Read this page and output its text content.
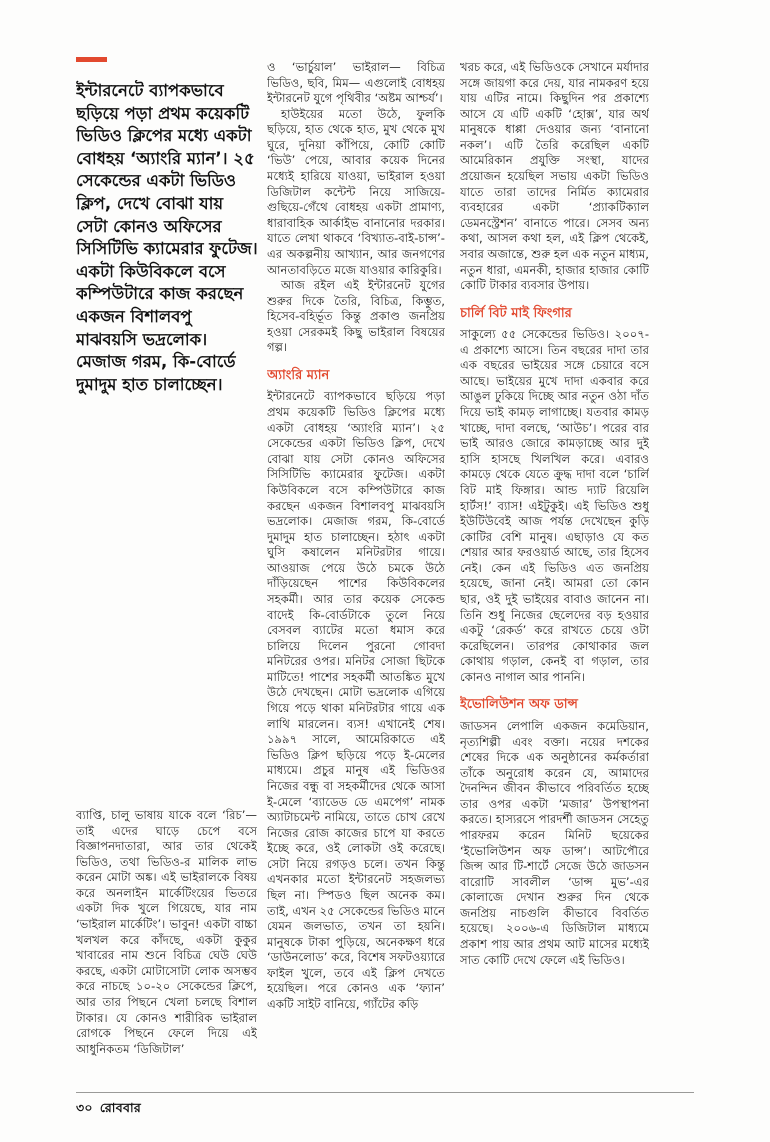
ইন্টারনেটে ব্যাপকভাবে ছড়িয়ে পড়া প্রথম কয়েকটি ভিডিও ক্লিপের মধ্যে একটা বোধহয় ‘অ্যাংরি ম্যান’। ২৫ সেকেন্ডের একটা ভিডিও ক্লিপ, দেখে বোঝা যায় সেটা কোনও অফিসের সিসিটিভি ক্যামেরার ফুটেজ। একটা কিউবিকলে বসে কম্পিউটারে কাজ করছেন একজন বিশালবপু মাঝবয়সি ভদ্রলোক। মেজাজ গরম, কি-বোর্ডে দুমাদুম হাত চালাচ্ছেন।

ব্যাপ্তি, চালু ভাষায় যাকে বলে ‘রিচ’— তাই এদের ঘাড়ে চেপে বসে বিজ্ঞাপনদাতারা, আর তার থেকেই ভিডিও, তথা ভিডিও-র মালিক লাভ করেন মোটা অঙ্ক। এই ভাইরালকে বিষয় করে অনলাইন মার্কেটিংয়ের ভিতরে একটা দিক খুলে গিয়েছে, যার নাম ‘ভাইরাল মার্কেটিং’। ভাবুন! একটা বাচ্চা খলখল করে কাঁদছে, একটা কুকুর খাবারের নাম শুনে বিচিত্র ঘেউ ঘেউ করছে, একটা মোটাসোটা লোক অসম্ভব করে নাচছে ১০-২০ সেকেন্ডের ক্লিপে, আর তার পিছনে খেলা চলছে বিশাল টাকার। যে কোনও শারীরিক ভাইরাল রোগকে পিছনে ফেলে দিয়ে এই আধুনিকতম ‘ডিজিটাল’

ও ‘ভার্চুয়াল’ ভাইরাল— বিচিত্র ভিডিও, ছবি, মিম— এগুলোই বোধহয় ইন্টারনেট যুগে পৃথিবীর ‘অষ্টম আশ্চর্য’।

হাউইয়ের মতো উঠে, ফুলকি ছড়িয়ে, হাত থেকে হাত, মুখ থেকে মুখ ঘুরে, দুনিয়া কাঁপিয়ে, কোটি কোটি ‘ভিউ’ পেয়ে, আবার কয়েক দিনের মধ্যেই হারিয়ে যাওয়া, ভাইরাল হওয়া ডিজিটাল কন্টেন্ট নিয়ে সাজিয়ে-গুছিয়ে-গেঁথে বোধহয় একটা প্রামাণ্য, ধারাবাহিক আর্কাইভ বানানোর দরকার। যাতে লেখা থাকবে ‘বিখ্যাত-বাই-চান্স’-এর অকল্পনীয় আখ্যান, আর জনগণের আনতাবড়িতে মজে যাওয়ার কারিকুরি।

আজ রইল এই ইন্টারনেট যুগের শুরুর দিকে তৈরি, বিচিত্র, কিম্ভুত, হিসেব-বহির্ভূত কিন্তু প্রকাণ্ড জনপ্রিয় হওয়া সেরকমই কিছু ভাইরাল বিষয়ের গল্প।

অ্যাংরি ম্যান

ইন্টারনেটে ব্যাপকভাবে ছড়িয়ে পড়া প্রথম কয়েকটি ভিডিও ক্লিপের মধ্যে একটা বোধহয় ‘অ্যাংরি ম্যান’। ২৫ সেকেন্ডের একটা ভিডিও ক্লিপ, দেখে বোঝা যায় সেটা কোনও অফিসের সিসিটিভি ক্যামেরার ফুটেজ। একটা কিউবিকলে বসে কম্পিউটারে কাজ করছেন একজন বিশালবপু মাঝবয়সি ভদ্রলোক। মেজাজ গরম, কি-বোর্ডে দুমাদুম হাত চালাচ্ছেন। হঠাৎ একটা ঘুসি কষালেন মনিটরটার গায়ে। আওয়াজ পেয়ে উঠে চমকে উঠে দাঁড়িয়েছেন পাশের কিউবিকলের সহকর্মী। আর তার কয়েক সেকেন্ড বাদেই কি-বোর্ডটাকে তুলে নিয়ে বেসবল ব্যাটের মতো ধমাস করে চালিয়ে দিলেন পুরনো গোবদা মনিটরের ওপর। মনিটর সোজা ছিটকে মাটিতে! পাশের সহকর্মী আতঙ্কিত মুখে উঠে দেখছেন। মোটা ভদ্রলোক এগিয়ে গিয়ে পড়ে থাকা মনিটরটার গায়ে এক লাথি মারলেন। ব্যস! এখানেই শেষ। ১৯৯৭ সালে, আমেরিকাতে এই ভিডিও ক্লিপ ছড়িয়ে পড়ে ই-মেলের মাধ্যমে। প্রচুর মানুষ এই ভিডিওর নিজের বন্ধু বা সহকর্মীদের থেকে আসা ই-মেলে ‘ব্যাডেড ডে এমপেগ’ নামক অ্যাটাচমেন্ট নামিয়ে, তাতে চোখ রেখে নিজের রোজ কাজের চাপে যা করতে ইচ্ছে করে, ওই লোকটা ওই করেছে। সেটা নিয়ে রগড়ও চলে। তখন কিন্তু এখনকার মতো ইন্টারনেট সহজলভ্য ছিল না। স্পিডও ছিল অনেক কম। তাই, এখন ২৫ সেকেন্ডের ভিডিও মানে যেমন জলভাত, তখন তা হয়নি। মানুষকে টাকা পুড়িয়ে, অনেকক্ষণ ধরে ‘ডাউনলোড’ করে, বিশেষ সফটওয়্যারে ফাইল খুলে, তবে এই ক্লিপ দেখতে হয়েছিল। পরে কোনও এক ‘ফ্যান’ একটি সাইট বানিয়ে, গ্যাঁটের কড়ি

খরচ করে, এই ভিডিওকে সেখানে মর্যাদার সঙ্গে জায়গা করে দেয়, যার নামকরণ হয়ে যায় এটির নামে। কিছুদিন পর প্রকাশ্যে আসে যে এটি একটি ‘হোক্স’, যার অর্থ মানুষকে ধাপ্পা দেওয়ার জন্য ‘বানানো নকল’। এটি তৈরি করেছিল একটি আমেরিকান প্রযুক্তি সংস্থা, যাদের প্রয়োজন হয়েছিল সভায় একটা ভিডিও যাতে তারা তাদের নির্মিত ক্যামেরার ব্যবহারের একটা ‘প্র্যাকটিক্যাল ডেমনস্ট্রেশন’ বানাতে পারে। সেসব অন্য কথা, আসল কথা হল, এই ক্লিপ থেকেই, সবার অজান্তে, শুরু হল এক নতুন মাধ্যম, নতুন ধারা, এমনকী, হাজার হাজার কোটি কোটি টাকার ব্যবসার উপায়।

চার্লি বিট মাই ফিংগার

সাকুল্যে ৫৫ সেকেন্ডের ভিডিও। ২০০৭-এ প্রকাশ্যে আসে। তিন বছরের দাদা তার এক বছরের ভাইয়ের সঙ্গে চেয়ারে বসে আছে। ভাইয়ের মুখে দাদা একবার করে আঙুল ঢুকিয়ে দিচ্ছে আর নতুন ওঠা দাঁত দিয়ে ভাই কামড় লাগাচ্ছে। যতবার কামড় খাচ্ছে, দাদা বলছে, ‘আউচ’। পরের বার ভাই আরও জোরে কামড়াচ্ছে আর দুই হাসি হাসছে খিলখিল করে। এবারও কামড়ে থেকে যেতে ক্রুদ্ধ দাদা বলে ‘চার্লি বিট মাই ফিঙ্গার। আন্ড দ্যাট রিয়েলি হার্টস!’ ব্যাস! এইটুকুই। এই ভিডিও শুধু ইউটিউবেই আজ পর্যন্ত দেখেছেন কুড়ি কোটির বেশি মানুষ। এছাড়াও যে কত শেয়ার আর ফরওয়ার্ড আছে, তার হিসেব নেই। কেন এই ভিডিও এত জনপ্রিয় হয়েছে, জানা নেই। আমরা তো কোন ছার, ওই দুই ভাইয়ের বাবাও জানেন না। তিনি শুধু নিজের ছেলেদের বড় হওয়ার একটু ‘রেকর্ড’ করে রাখতে চেয়ে ওটা করেছিলেন। তারপর কোথাকার জল কোথায় গড়াল, কেনই বা গড়াল, তার কোনও নাগাল আর পাননি।

ইভোলিউশন অফ ডান্স

জাডসন লেপালি একজন কমেডিয়ান, নৃত্যশিল্পী এবং বক্তা। নয়ের দশকের শেষের দিকে এক অনুষ্ঠানের কর্মকর্তারা তাঁকে অনুরোধ করেন যে, আমাদের দৈনন্দিন জীবন কীভাবে পরিবর্তিত হচ্ছে তার ওপর একটা ‘মজার’ উপস্থাপনা করতে। হাস্যরসে পারদর্শী জাডসন সেহেতু পারফরম করেন মিনিট ছয়েকের ‘ইভোলিউশন অফ ডান্স’। আটপৌরে জিন্স আর টি-শার্টে সেজে উঠে জাডসন বারোটি সাবলীল ‘ডান্স মুভ’-এর কোলাজে দেখান শুরুর দিন থেকে জনপ্রিয় নাচগুলি কীভাবে বিবর্তিত হয়েছে। ২০০৬-এ ডিজিটাল মাধ্যমে প্রকাশ পায় আর প্রথম আট মাসের মধ্যেই সাত কোটি দেখে ফেলে এই ভিডিও।

৩০ রোববার
